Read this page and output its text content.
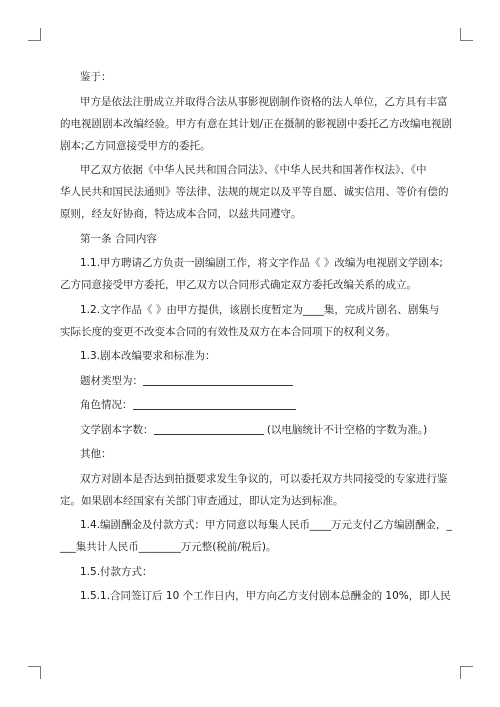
鉴于：
甲方是依法注册成立并取得合法从事影视剧制作资格的法人单位，乙方具有丰富
的电视剧剧本改编经验。甲方有意在其计划/正在摄制的影视剧中委托乙方改编电视剧
剧本;乙方同意接受甲方的委托。
甲乙双方依据《中华人民共和国合同法》、《中华人民共和国著作权法》、《中
华人民共和国民法通则》等法律、法规的规定以及平等自愿、诚实信用、等价有偿的
原则，经友好协商，特达成本合同，以兹共同遵守。
第一条 合同内容
1.1.甲方聘请乙方负责一剧编剧工作，将文字作品《 》改编为电视剧文学剧本;
乙方同意接受甲方委托，甲乙双方以合同形式确定双方委托改编关系的成立。
1.2.文字作品《 》由甲方提供，该剧长度暂定为____集，完成片剧名、剧集与
实际长度的变更不改变本合同的有效性及双方在本合同项下的权利义务。
1.3.剧本改编要求和标准为：
题材类型为：
角色情况：
文学剧本字数：	(以电脑统计不计空格的字数为准。)
其他：
双方对剧本是否达到拍摄要求发生争议的，可以委托双方共同接受的专家进行鉴
定。如果剧本经国家有关部门审查通过，即认定为达到标准。
1.4.编剧酬金及付款方式：甲方同意以每集人民币____万元支付乙方编剧酬金，_
___集共计人民币________万元整(税前/税后)。
1.5.付款方式：
1.5.1.合同签订后 10 个工作日内，甲方向乙方支付剧本总酬金的 10%，即人民
